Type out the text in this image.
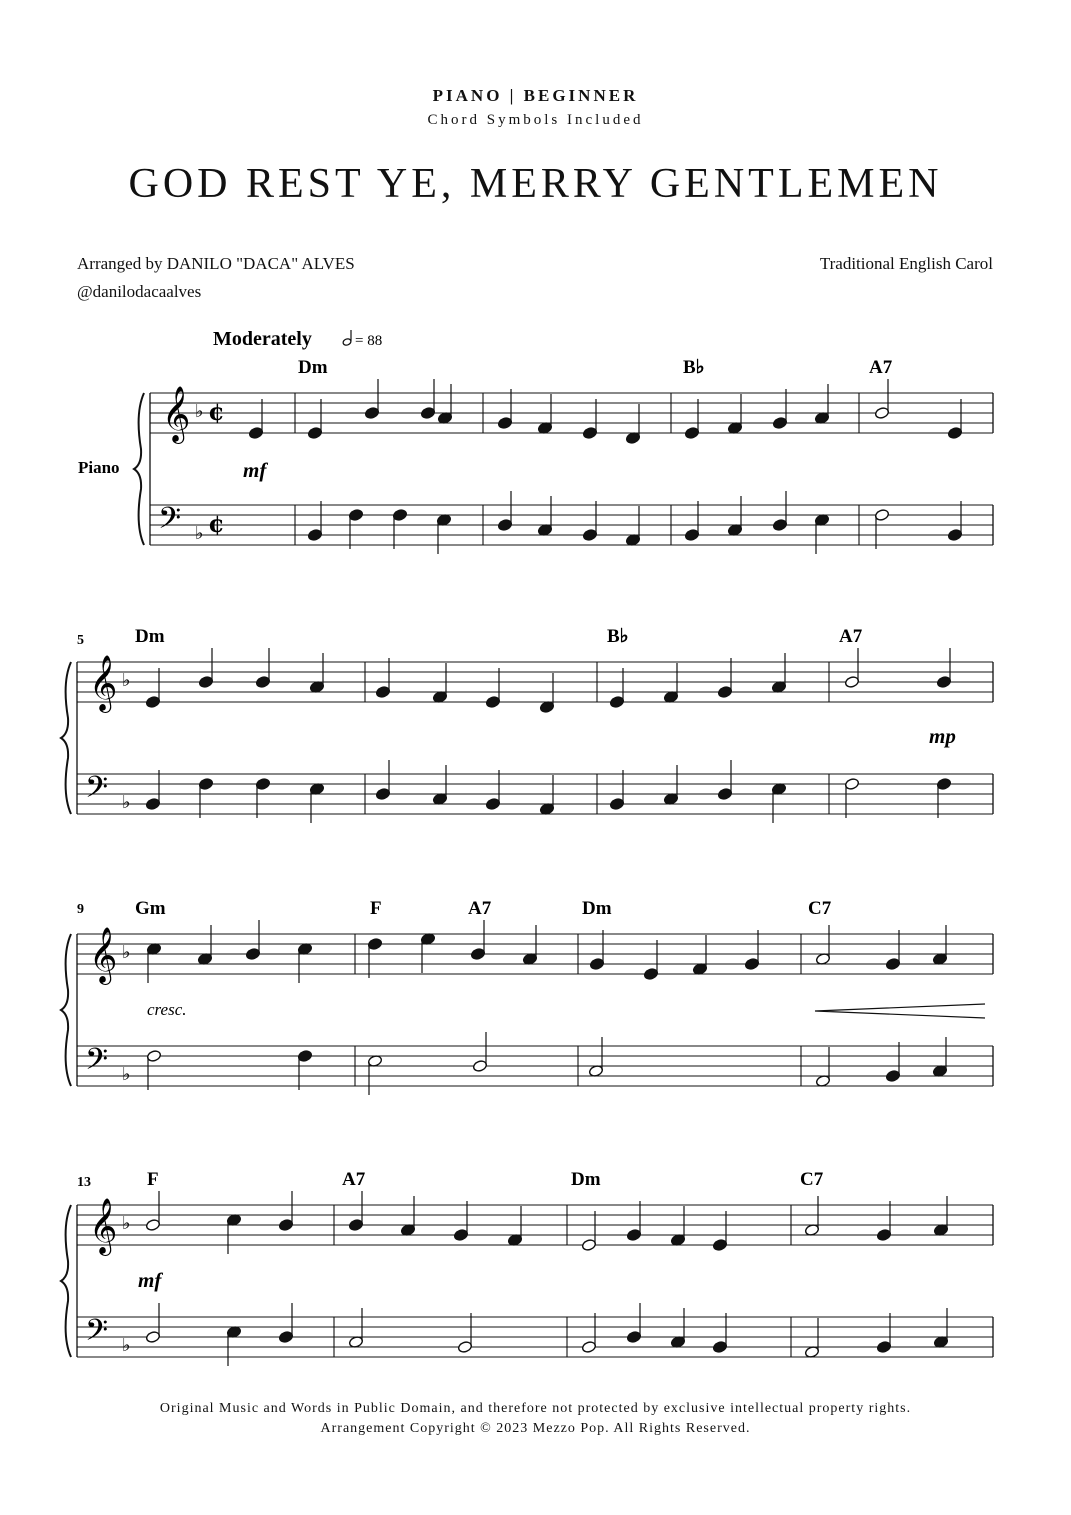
PIANO | BEGINNER
Chord Symbols Included
GOD REST YE, MERRY GENTLEMEN
Arranged by DANILO "DACA" ALVES
@danilodacaalves
Traditional English Carol
Moderately	= 88
Piano
𝄞
𝄢
♭
♭
¢
¢
Dm	B♭	A7
mf
𝄞
𝄢
♭
♭
Dm	B♭	A7
mp
5
𝄞
𝄢
♭
♭
Gm	F	A7	Dm	C7
cresc.
9
𝄞
𝄢
♭
♭
F	A7	Dm	C7
mf
13
Original Music and Words in Public Domain, and therefore not protected by exclusive intellectual property rights.
Arrangement Copyright © 2023 Mezzo Pop. All Rights Reserved.
